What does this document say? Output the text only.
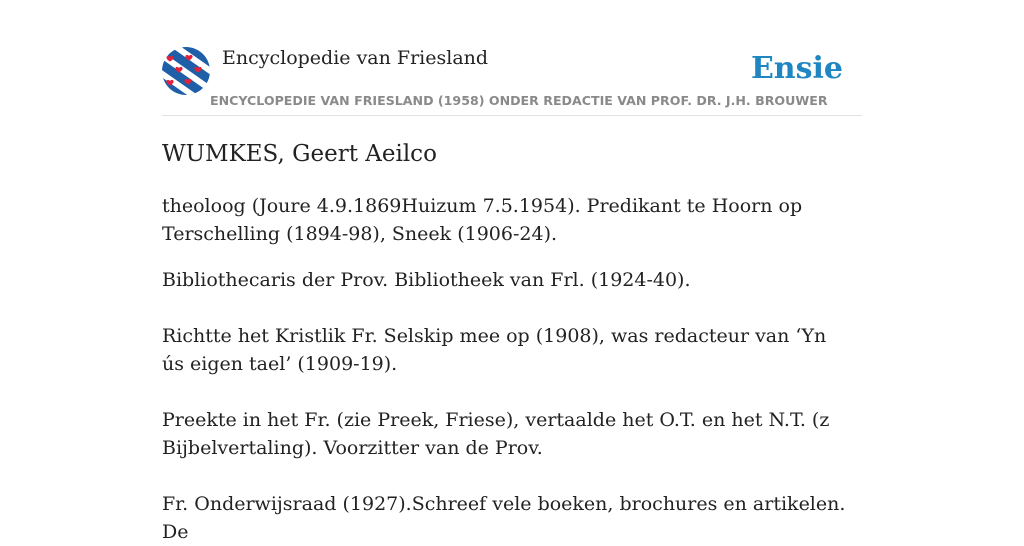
Encyclopedie van Friesland	Ensie
ENCYCLOPEDIE VAN FRIESLAND (1958) ONDER REDACTIE VAN PROF. DR. J.H. BROUWER
WUMKES, Geert Aeilco

theoloog (Joure 4.9.1869Huizum 7.5.1954). Predikant te Hoorn op Terschelling (1894-98), Sneek (1906-24).

Bibliothecaris der Prov. Bibliotheek van Frl. (1924-40).

Richtte het Kristlik Fr. Selskip mee op (1908), was redacteur van ‘Yn ús eigen tael’ (1909-19).

Preekte in het Fr. (zie Preek, Friese), vertaalde het O.T. en het N.T. (z Bijbelvertaling). Voorzitter van de Prov.

Fr. Onderwijsraad (1927).Schreef vele boeken, brochures en artikelen. De
